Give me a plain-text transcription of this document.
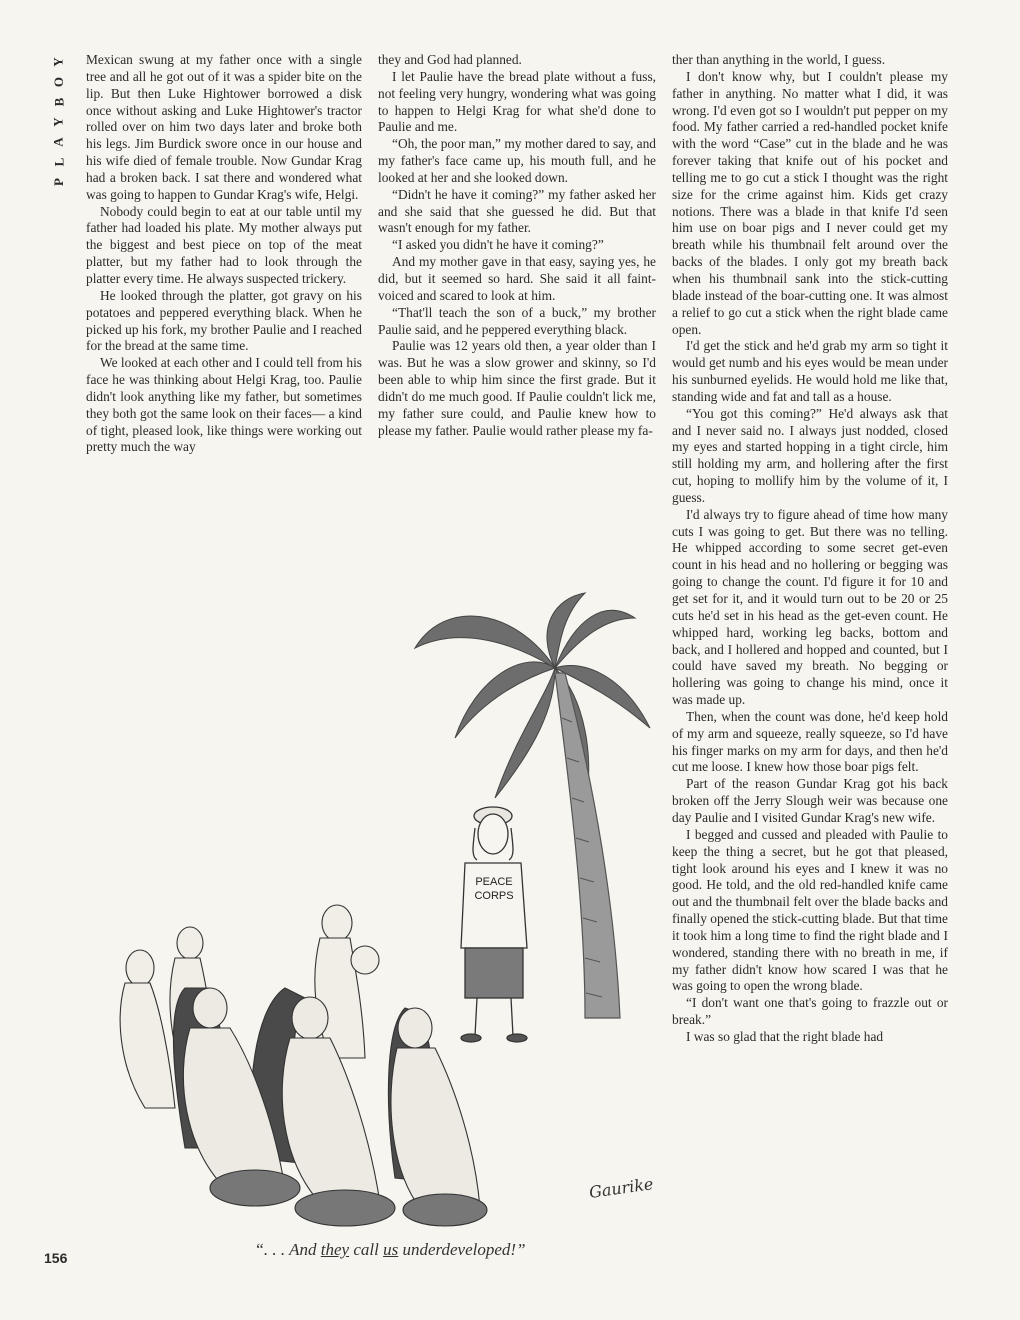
Y
O
B
Y
A
L
P

Mexican swung at my father once with a single tree and all he got out of it was a spider bite on the lip. But then Luke Hightower borrowed a disk once without asking and Luke Hightower's tractor rolled over on him two days later and broke both his legs. Jim Burdick swore once in our house and his wife died of female trouble. Now Gundar Krag had a broken back. I sat there and wondered what was going to happen to Gundar Krag's wife, Helgi.

Nobody could begin to eat at our table until my father had loaded his plate. My mother always put the biggest and best piece on top of the meat platter, but my father had to look through the platter every time. He always suspected trickery.

He looked through the platter, got gravy on his potatoes and peppered everything black. When he picked up his fork, my brother Paulie and I reached for the bread at the same time.

We looked at each other and I could tell from his face he was thinking about Helgi Krag, too. Paulie didn't look anything like my father, but sometimes they both got the same look on their faces— a kind of tight, pleased look, like things were working out pretty much the way

they and God had planned.

I let Paulie have the bread plate without a fuss, not feeling very hungry, wondering what was going to happen to Helgi Krag for what she'd done to Paulie and me.

“Oh, the poor man,” my mother dared to say, and my father's face came up, his mouth full, and he looked at her and she looked down.

“Didn't he have it coming?” my father asked her and she said that she guessed he did. But that wasn't enough for my father.

“I asked you didn't he have it coming?”

And my mother gave in that easy, saying yes, he did, but it seemed so hard. She said it all faint-voiced and scared to look at him.

“That'll teach the son of a buck,” my brother Paulie said, and he peppered everything black.

Paulie was 12 years old then, a year older than I was. But he was a slow grower and skinny, so I'd been able to whip him since the first grade. But it didn't do me much good. If Paulie couldn't lick me, my father sure could, and Paulie knew how to please my father. Paulie would rather please my fa-

ther than anything in the world, I guess.

I don't know why, but I couldn't please my father in anything. No matter what I did, it was wrong. I'd even got so I wouldn't put pepper on my food. My father carried a red-handled pocket knife with the word “Case” cut in the blade and he was forever taking that knife out of his pocket and telling me to go cut a stick I thought was the right size for the crime against him. Kids get crazy notions. There was a blade in that knife I'd seen him use on boar pigs and I never could get my breath while his thumbnail felt around over the backs of the blades. I only got my breath back when his thumbnail sank into the stick-cutting blade instead of the boar-cutting one. It was almost a relief to go cut a stick when the right blade came open.

I'd get the stick and he'd grab my arm so tight it would get numb and his eyes would be mean under his sunburned eyelids. He would hold me like that, standing wide and fat and tall as a house.

“You got this coming?” He'd always ask that and I never said no. I always just nodded, closed my eyes and started hopping in a tight circle, him still holding my arm, and hollering after the first cut, hoping to mollify him by the volume of it, I guess.

I'd always try to figure ahead of time how many cuts I was going to get. But there was no telling. He whipped according to some secret get-even count in his head and no hollering or begging was going to change the count. I'd figure it for 10 and get set for it, and it would turn out to be 20 or 25 cuts he'd set in his head as the get-even count. He whipped hard, working leg backs, bottom and back, and I hollered and hopped and counted, but I could have saved my breath. No begging or hollering was going to change his mind, once it was made up.

Then, when the count was done, he'd keep hold of my arm and squeeze, really squeeze, so I'd have his finger marks on my arm for days, and then he'd cut me loose. I knew how those boar pigs felt.

Part of the reason Gundar Krag got his back broken off the Jerry Slough weir was because one day Paulie and I visited Gundar Krag's new wife.

I begged and cussed and pleaded with Paulie to keep the thing a secret, but he got that pleased, tight look around his eyes and I knew it was no good. He told, and the old red-handled knife came out and the thumbnail felt over the blade backs and finally opened the stick-cutting blade. But that time it took him a long time to find the right blade and I wondered, standing there with no breath in me, if my father didn't know how scared I was that he was going to open the wrong blade.

“I don't want one that's going to frazzle out or break.”

I was so glad that the right blade had

PEACE
CORPS
Gaurike
“. . . And they call us underdeveloped!”
156
